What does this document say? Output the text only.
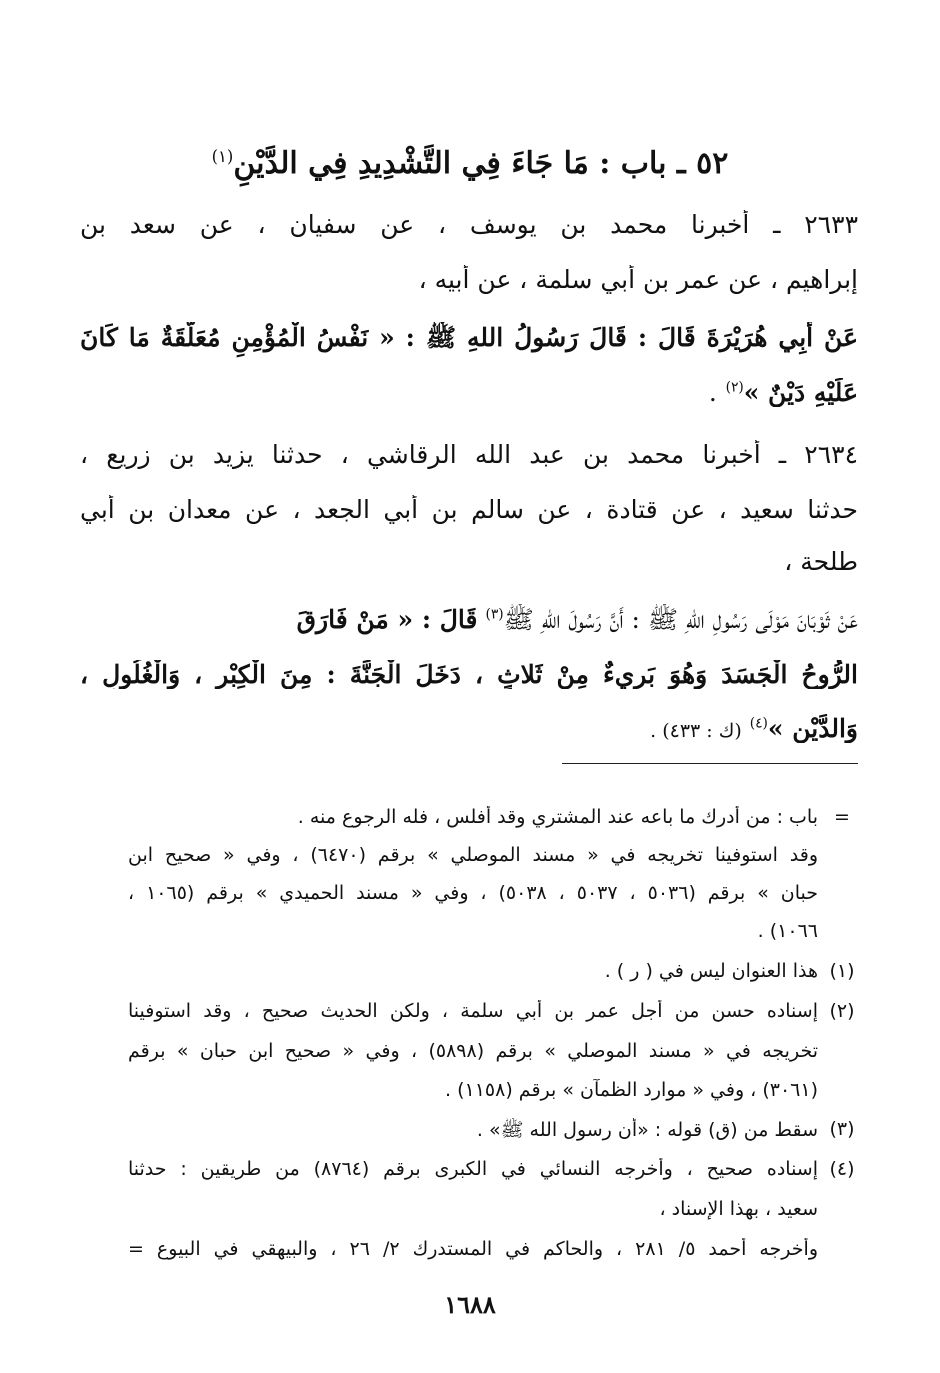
٥٢ ـ باب : مَا جَاءَ فِي التَّشْدِيدِ فِي الدَّيْنِ$^{(١)}$
٢٦٣٣ ـ أخبرنا محمد بن يوسف ، عن سفيان ، عن سعد بن
إبراهيم ، عن عمر بن أبي سلمة ، عن أبيه ،
عَنْ أَبِي هُرَيْرَةَ قَالَ : قَالَ رَسُولُ اللهِ ﷺ : « نَفْسُ الْمُؤْمِنِ مُعَلَّقَةٌ مَا كَانَ
عَلَيْهِ دَيْنٌ »$^{(٢)}$ .
٢٦٣٤ ـ أخبرنا محمد بن عبد الله الرقاشي ، حدثنا يزيد بن زريع ،
حدثنا سعيد ، عن قتادة ، عن سالم بن أبي الجعد ، عن معدان بن أبي
طلحة ،
عَنْ ثَوْبَانَ مَوْلَى رَسُولِ اللهِ ﷺ : أَنَّ رَسُولَ اللهِ ﷺ$^{(٣)}$ قَالَ : « مَنْ فَارَقَ
الرُّوحُ الْجَسَدَ وَهُوَ بَرِيءٌ مِنْ ثَلاثٍ ، دَخَلَ الْجَنَّةَ : مِنَ الْكِبْرِ ، وَالْغُلُولِ ،
وَالدَّيْنِ »$^{(٤)}$ (ك : ٤٣٣) .
=
باب : من أدرك ما باعه عند المشتري وقد أفلس ، فله الرجوع منه .
وقد استوفينا تخريجه في « مسند الموصلي » برقم (٦٤٧٠) ، وفي « صحيح ابن
حبان » برقم (٥٠٣٦ ، ٥٠٣٧ ، ٥٠٣٨) ، وفي « مسند الحميدي » برقم (١٠٦٥ ،
١٠٦٦) .
(١)
هذا العنوان ليس في ( ر ) .
(٢)
إسناده حسن من أجل عمر بن أبي سلمة ، ولكن الحديث صحيح ، وقد استوفينا
تخريجه في « مسند الموصلي » برقم (٥٨٩٨) ، وفي « صحيح ابن حبان » برقم
(٣٠٦١) ، وفي « موارد الظمآن » برقم (١١٥٨) .
(٣)
سقط من (ق) قوله : «أن رسول الله ﷺ» .
(٤)
إسناده صحيح ، وأخرجه النسائي في الكبرى برقم (٨٧٦٤) من طريقين : حدثنا
سعيد ، بهذا الإسناد ،
وأخرجه أحمد ٥/ ٢٨١ ، والحاكم في المستدرك ٢/ ٢٦ ، والبيهقي في البيوع =
١٦٨٨
